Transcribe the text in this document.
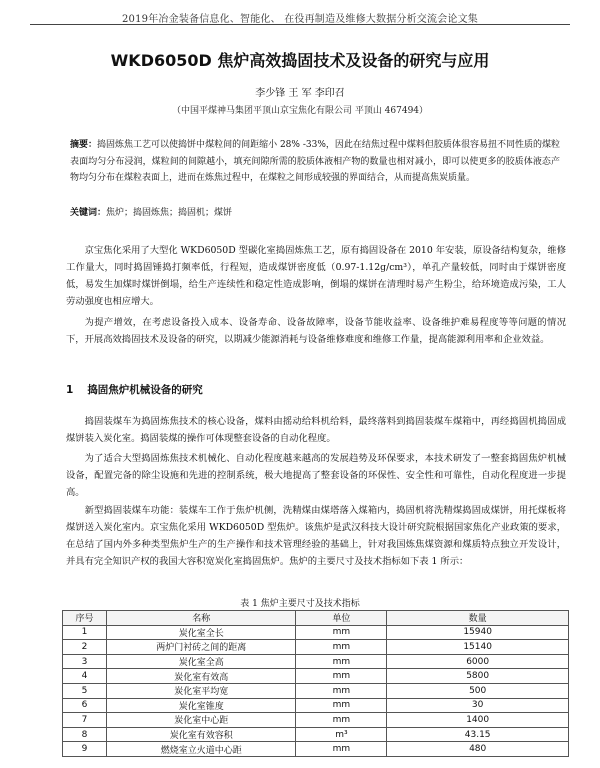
2019年冶金装备信息化、智能化、 在役再制造及维修大数据分析交流会论文集
WKD6050D 焦炉高效捣固技术及设备的研究与应用
李少锋 王 军 李印召
（中国平煤神马集团平顶山京宝焦化有限公司 平顶山 467494）
摘要：捣固炼焦工艺可以使捣饼中煤粒间的间距缩小 28% -33%，因此在结焦过程中煤料但胶质体很容易扭不同性质的煤粒表面均匀分布浸润，煤粒间的间隙越小，填充间隙所需的胶质体液相产物的数量也相对减小，即可以使更多的胶质体液态产物均匀分布在煤粒表面上，进而在炼焦过程中，在煤粒之间形成较强的界面结合，从而提高焦炭质量。
关键词：焦炉；捣固炼焦；捣固机；煤饼

京宝焦化采用了大型化 WKD6050D 型碳化室捣固炼焦工艺，原有捣固设备在 2010 年安装，原设备结构复杂，维修工作量大，同时捣固锤捣打频率低，行程短，造成煤饼密度低（0.97-1.12g/cm³），单孔产量较低，同时由于煤饼密度低，易发生加煤时煤饼倒塌，给生产连续性和稳定性造成影响，倒塌的煤饼在清理时易产生粉尘，给环境造成污染，工人劳动强度也相应增大。

为提产增效，在考虑设备投入成本、设备寿命、设备故障率，设备节能收益率、设备维护难易程度等等问题的情况下，开展高效捣固技术及设备的研究，以期减少能源消耗与设备维修难度和维修工作量，提高能源利用率和企业效益。

1 捣固焦炉机械设备的研究

捣固装煤车为捣固炼焦技术的核心设备，煤料由摇动给料机给料，最终落料到捣固装煤车煤箱中，再经捣固机捣固成煤饼装入炭化室。捣固装煤的操作可体现整套设备的自动化程度。

为了适合大型捣固炼焦技术机械化、自动化程度越来越高的发展趋势及环保要求，本技术研发了一整套捣固焦炉机械设备，配置完备的除尘设施和先进的控制系统，极大地提高了整套设备的环保性、安全性和可靠性，自动化程度进一步提高。

新型捣固装煤车功能：装煤车工作于焦炉机侧，洗精煤由煤塔落入煤箱内，捣固机将洗精煤捣固成煤饼，用托煤板将煤饼送入炭化室内。京宝焦化采用 WKD6050D 型焦炉。该焦炉是武汉科技大设计研究院根据国家焦化产业政策的要求，在总结了国内外多种类型焦炉生产的生产操作和技术管理经验的基础上，针对我国炼焦煤资源和煤质特点独立开发设计，并具有完全知识产权的我国大容积宽炭化室捣固焦炉。焦炉的主要尺寸及技术指标如下表 1 所示：

表 1 焦炉主要尺寸及技术指标
序号	名称	单位	数量
1	炭化室全长	mm	15940
2	两炉门衬砖之间的距离	mm	15140
3	炭化室全高	mm	6000
4	炭化室有效高	mm	5800
5	炭化室平均宽	mm	500
6	炭化室锥度	mm	30
7	炭化室中心距	mm	1400
8	炭化室有效容积	m³	43.15
9	燃烧室立火道中心距	mm	480
